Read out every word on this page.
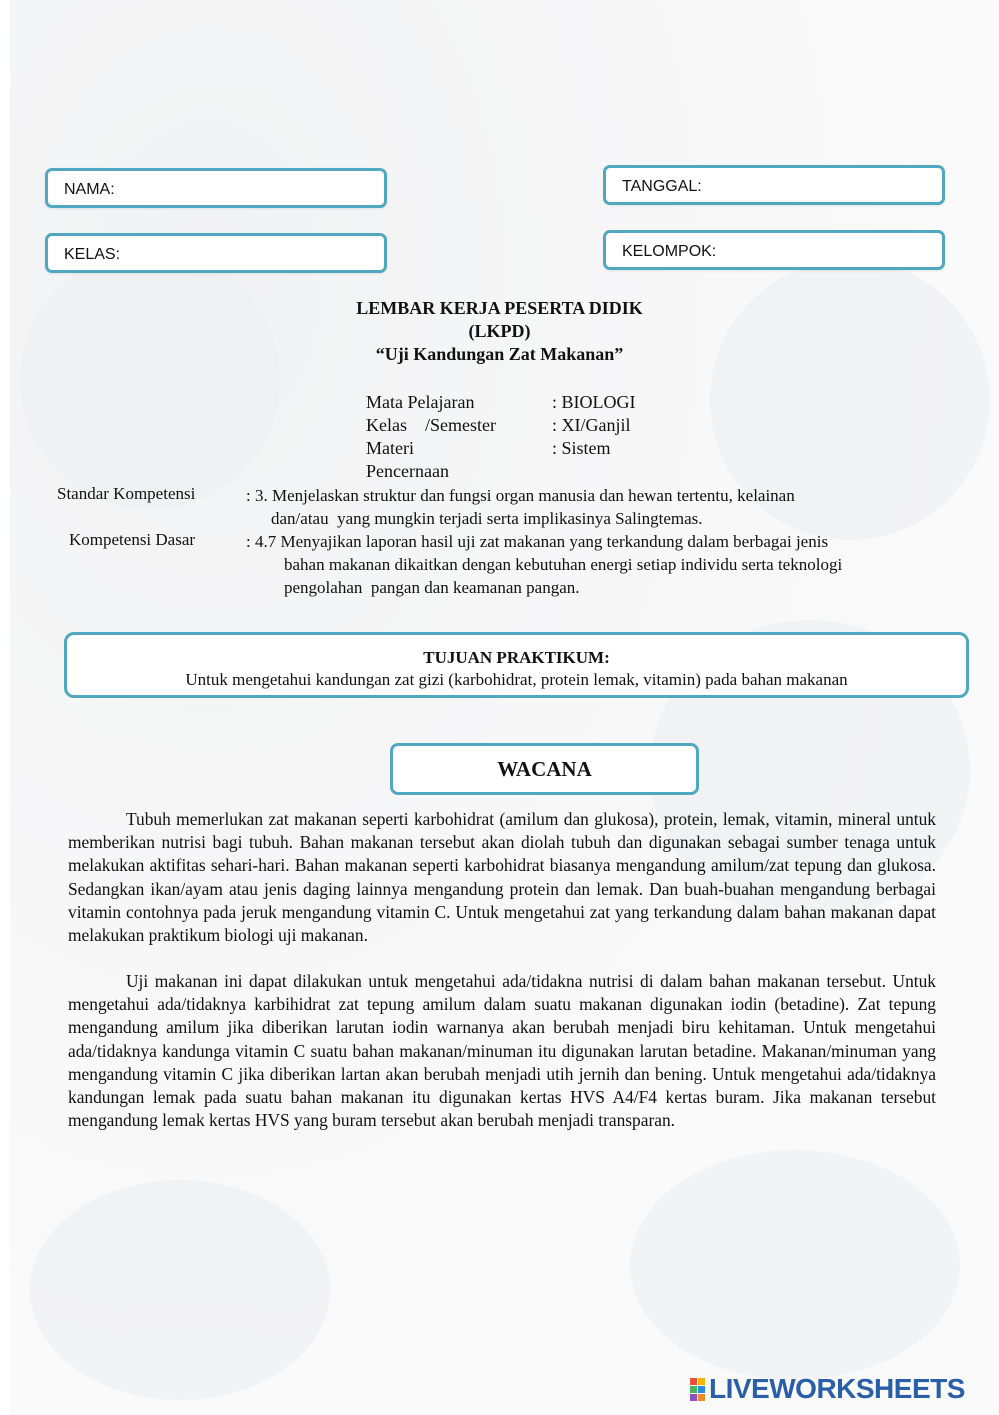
NAMA:	TANGGAL:
KELAS:	KELOMPOK:
LEMBAR KERJA PESERTA DIDIK
(LKPD)
“Uji Kandungan Zat Makanan”
Mata Pelajaran	: BIOLOGI
Kelas    /Semester	: XI/Ganjil
Materi	: Sistem
Pencernaan
Standar Kompetensi	: 3. Menjelaskan struktur dan fungsi organ manusia dan hewan tertentu, kelainan
dan/atau  yang mungkin terjadi serta implikasinya Salingtemas.
Kompetensi Dasar	: 4.7 Menyajikan laporan hasil uji zat makanan yang terkandung dalam berbagai jenis
bahan makanan dikaitkan dengan kebutuhan energi setiap individu serta teknologi
pengolahan  pangan dan keamanan pangan.
TUJUAN PRAKTIKUM:
Untuk mengetahui kandungan zat gizi (karbohidrat, protein lemak, vitamin) pada bahan makanan
WACANA

Tubuh memerlukan zat makanan seperti karbohidrat (amilum dan glukosa), protein, lemak, vitamin, mineral untuk memberikan nutrisi bagi tubuh. Bahan makanan tersebut akan diolah tubuh dan digunakan sebagai sumber tenaga untuk melakukan aktifitas sehari-hari. Bahan makanan seperti karbohidrat biasanya mengandung amilum/zat tepung dan glukosa. Sedangkan ikan/ayam atau jenis daging lainnya mengandung protein dan lemak. Dan buah-buahan mengandung berbagai vitamin contohnya pada jeruk mengandung vitamin C. Untuk mengetahui zat yang terkandung dalam bahan makanan dapat melakukan praktikum biologi uji makanan.

Uji makanan ini dapat dilakukan untuk mengetahui ada/tidakna nutrisi di dalam bahan makanan tersebut. Untuk mengetahui ada/tidaknya karbihidrat zat tepung amilum dalam suatu makanan digunakan iodin (betadine). Zat tepung mengandung amilum jika diberikan larutan iodin warnanya akan berubah menjadi biru kehitaman. Untuk mengetahui ada/tidaknya kandunga vitamin C suatu bahan makanan/minuman itu digunakan larutan betadine. Makanan/minuman yang mengandung vitamin C jika diberikan lartan akan berubah menjadi utih jernih dan bening. Untuk mengetahui ada/tidaknya kandungan lemak pada suatu bahan makanan itu digunakan kertas HVS A4/F4 kertas buram. Jika makanan tersebut mengandung lemak kertas HVS yang buram tersebut akan berubah menjadi transparan.

LIVEWORKSHEETS
